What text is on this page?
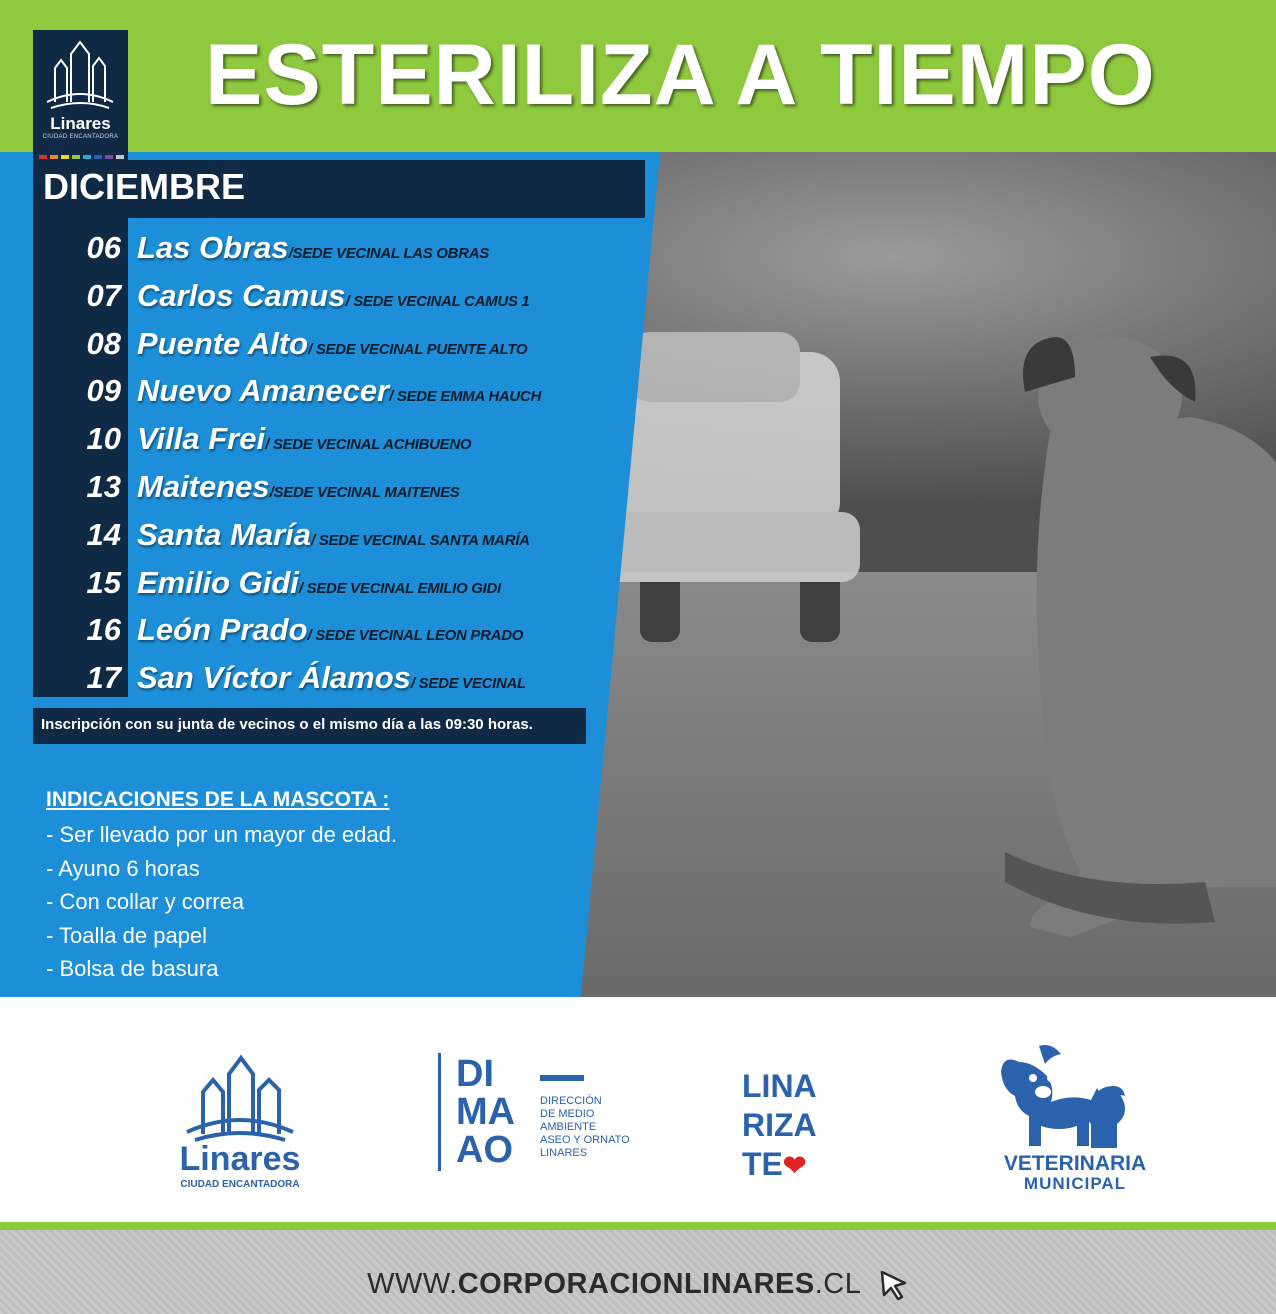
ESTERILIZA A TIEMPO
Linares
CIUDAD ENCANTADORA
DICIEMBRE
06 Las Obras/SEDE VECINAL LAS OBRAS
07 Carlos Camus/ SEDE VECINAL CAMUS 1
08 Puente Alto/ SEDE VECINAL PUENTE ALTO
09 Nuevo Amanecer/ SEDE EMMA HAUCH
10 Villa Frei/ SEDE VECINAL ACHIBUENO
13 Maitenes/SEDE VECINAL MAITENES
14 Santa María/ SEDE VECINAL SANTA MARÍA
15 Emilio Gidi/ SEDE VECINAL EMILIO GIDI
16 León Prado/ SEDE VECINAL LEON PRADO
17 San Víctor Álamos/ SEDE VECINAL
Inscripción con su junta de vecinos o el mismo día a las 09:30 horas.
INDICACIONES DE LA MASCOTA :
- Ser llevado por un mayor de edad.
- Ayuno 6 horas
- Con collar y correa
- Toalla de papel
- Bolsa de basura
Linares
CIUDAD ENCANTADORA
DI
MA
AO
DIRECCIÓN
DE MEDIO
AMBIENTE
ASEO Y ORNATO
LINARES
LINA
RIZA
TE❤	VETERINARIA
MUNICIPAL
WWW.CORPORACIONLINARES.CL
